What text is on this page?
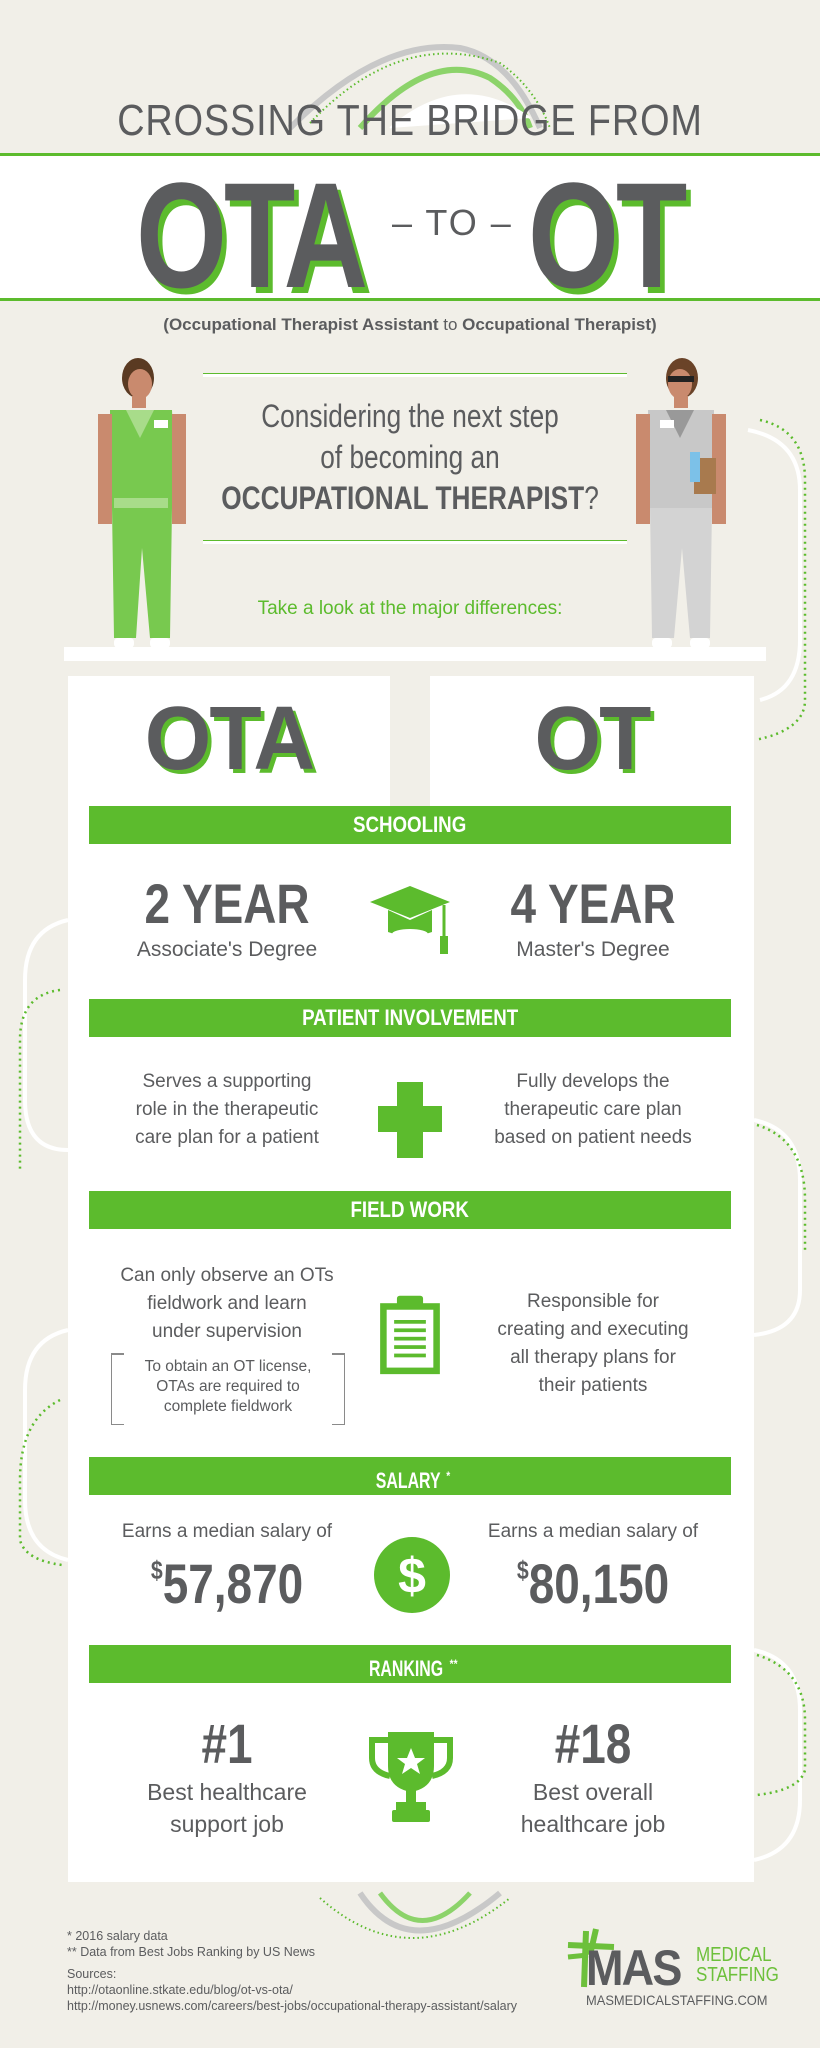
CROSSING THE BRIDGE FROM
OTA – TO – OT
(Occupational Therapist Assistant to Occupational Therapist)
Considering the next step
of becoming an
OCCUPATIONAL THERAPIST?
Take a look at the major differences:
OTA	OT
SCHOOLING
2 YEAR
Associate's Degree
4 YEAR
Master's Degree
PATIENT INVOLVEMENT
Serves a supporting
role in the therapeutic
care plan for a patient
Fully develops the
therapeutic care plan
based on patient needs
FIELD WORK
Can only observe an OTs
fieldwork and learn
under supervision
To obtain an OT license,
OTAs are required to
complete fieldwork
Responsible for
creating and executing
all therapy plans for
their patients
SALARY *
Earns a median salary of
$57,870	$
Earns a median salary of
$80,150
RANKING **
#1
Best healthcare
support job
#18
Best overall
healthcare job
* 2016 salary data
** Data from Best Jobs Ranking by US News
Sources:
http://otaonline.stkate.edu/blog/ot-vs-ota/
http://money.usnews.com/careers/best-jobs/occupational-therapy-assistant/salary
MAS MEDICAL
STAFFING
MASMEDICALSTAFFING.COM
